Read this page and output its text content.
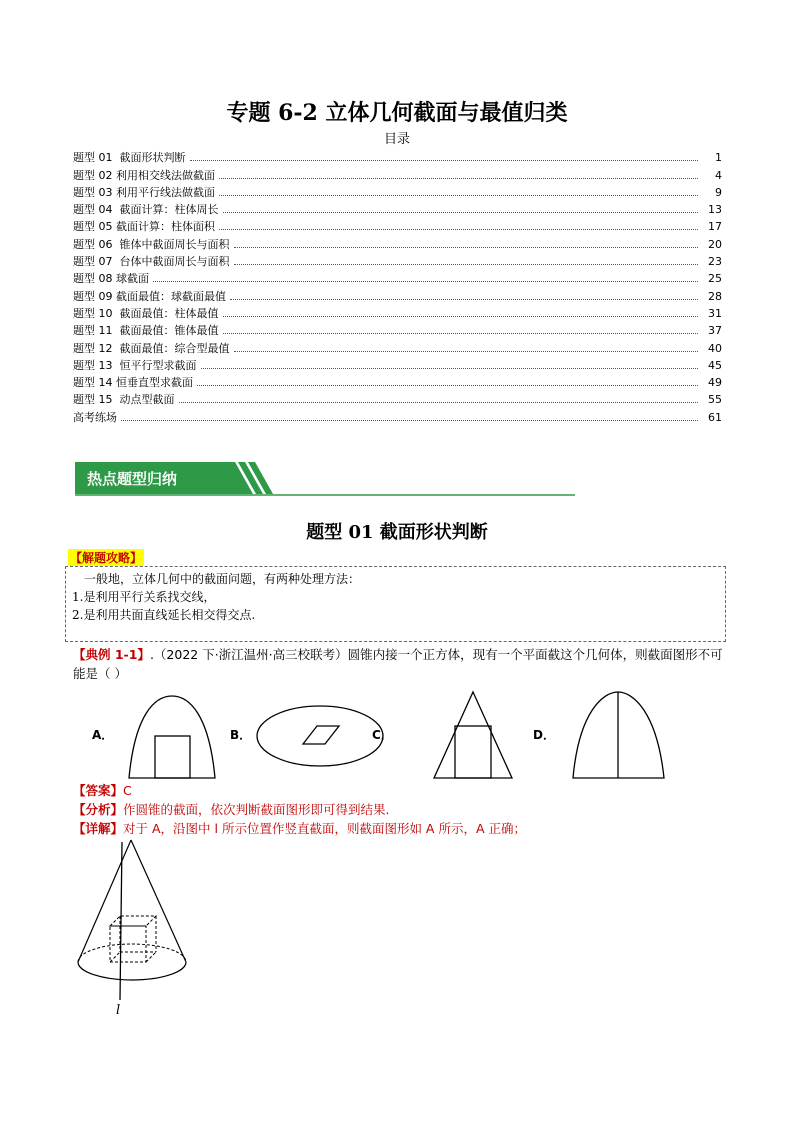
专题 6-2 立体几何截面与最值归类
目录
题型 01  截面形状判断	1
题型 02 利用相交线法做截面	4
题型 03 利用平行线法做截面	9
题型 04  截面计算：柱体周长	13
题型 05 截面计算：柱体面积	17
题型 06  锥体中截面周长与面积	20
题型 07  台体中截面周长与面积	23
题型 08 球截面	25
题型 09 截面最值：球截面最值	28
题型 10  截面最值：柱体最值	31
题型 11  截面最值：锥体最值	37
题型 12  截面最值：综合型最值	40
题型 13  恒平行型求截面	45
题型 14 恒垂直型求截面	49
题型 15  动点型截面	55
高考练场	61
热点题型归纳
题型 01 截面形状判断
【解题攻略】
一般地，立体几何中的截面问题，有两种处理方法：
1.是利用平行关系找交线，
2.是利用共面直线延长相交得交点.
【典例 1-1】.（2022 下·浙江温州·高三校联考）圆锥内接一个正方体，现有一个平面截这个几何体，则截面图形不可能是（ ）
A．	B．	C．	D．
【答案】C
【分析】作圆锥的截面，依次判断截面图形即可得到结果.
【详解】对于 A，沿图中 l 所示位置作竖直截面，则截面图形如 A 所示，A 正确；
l
